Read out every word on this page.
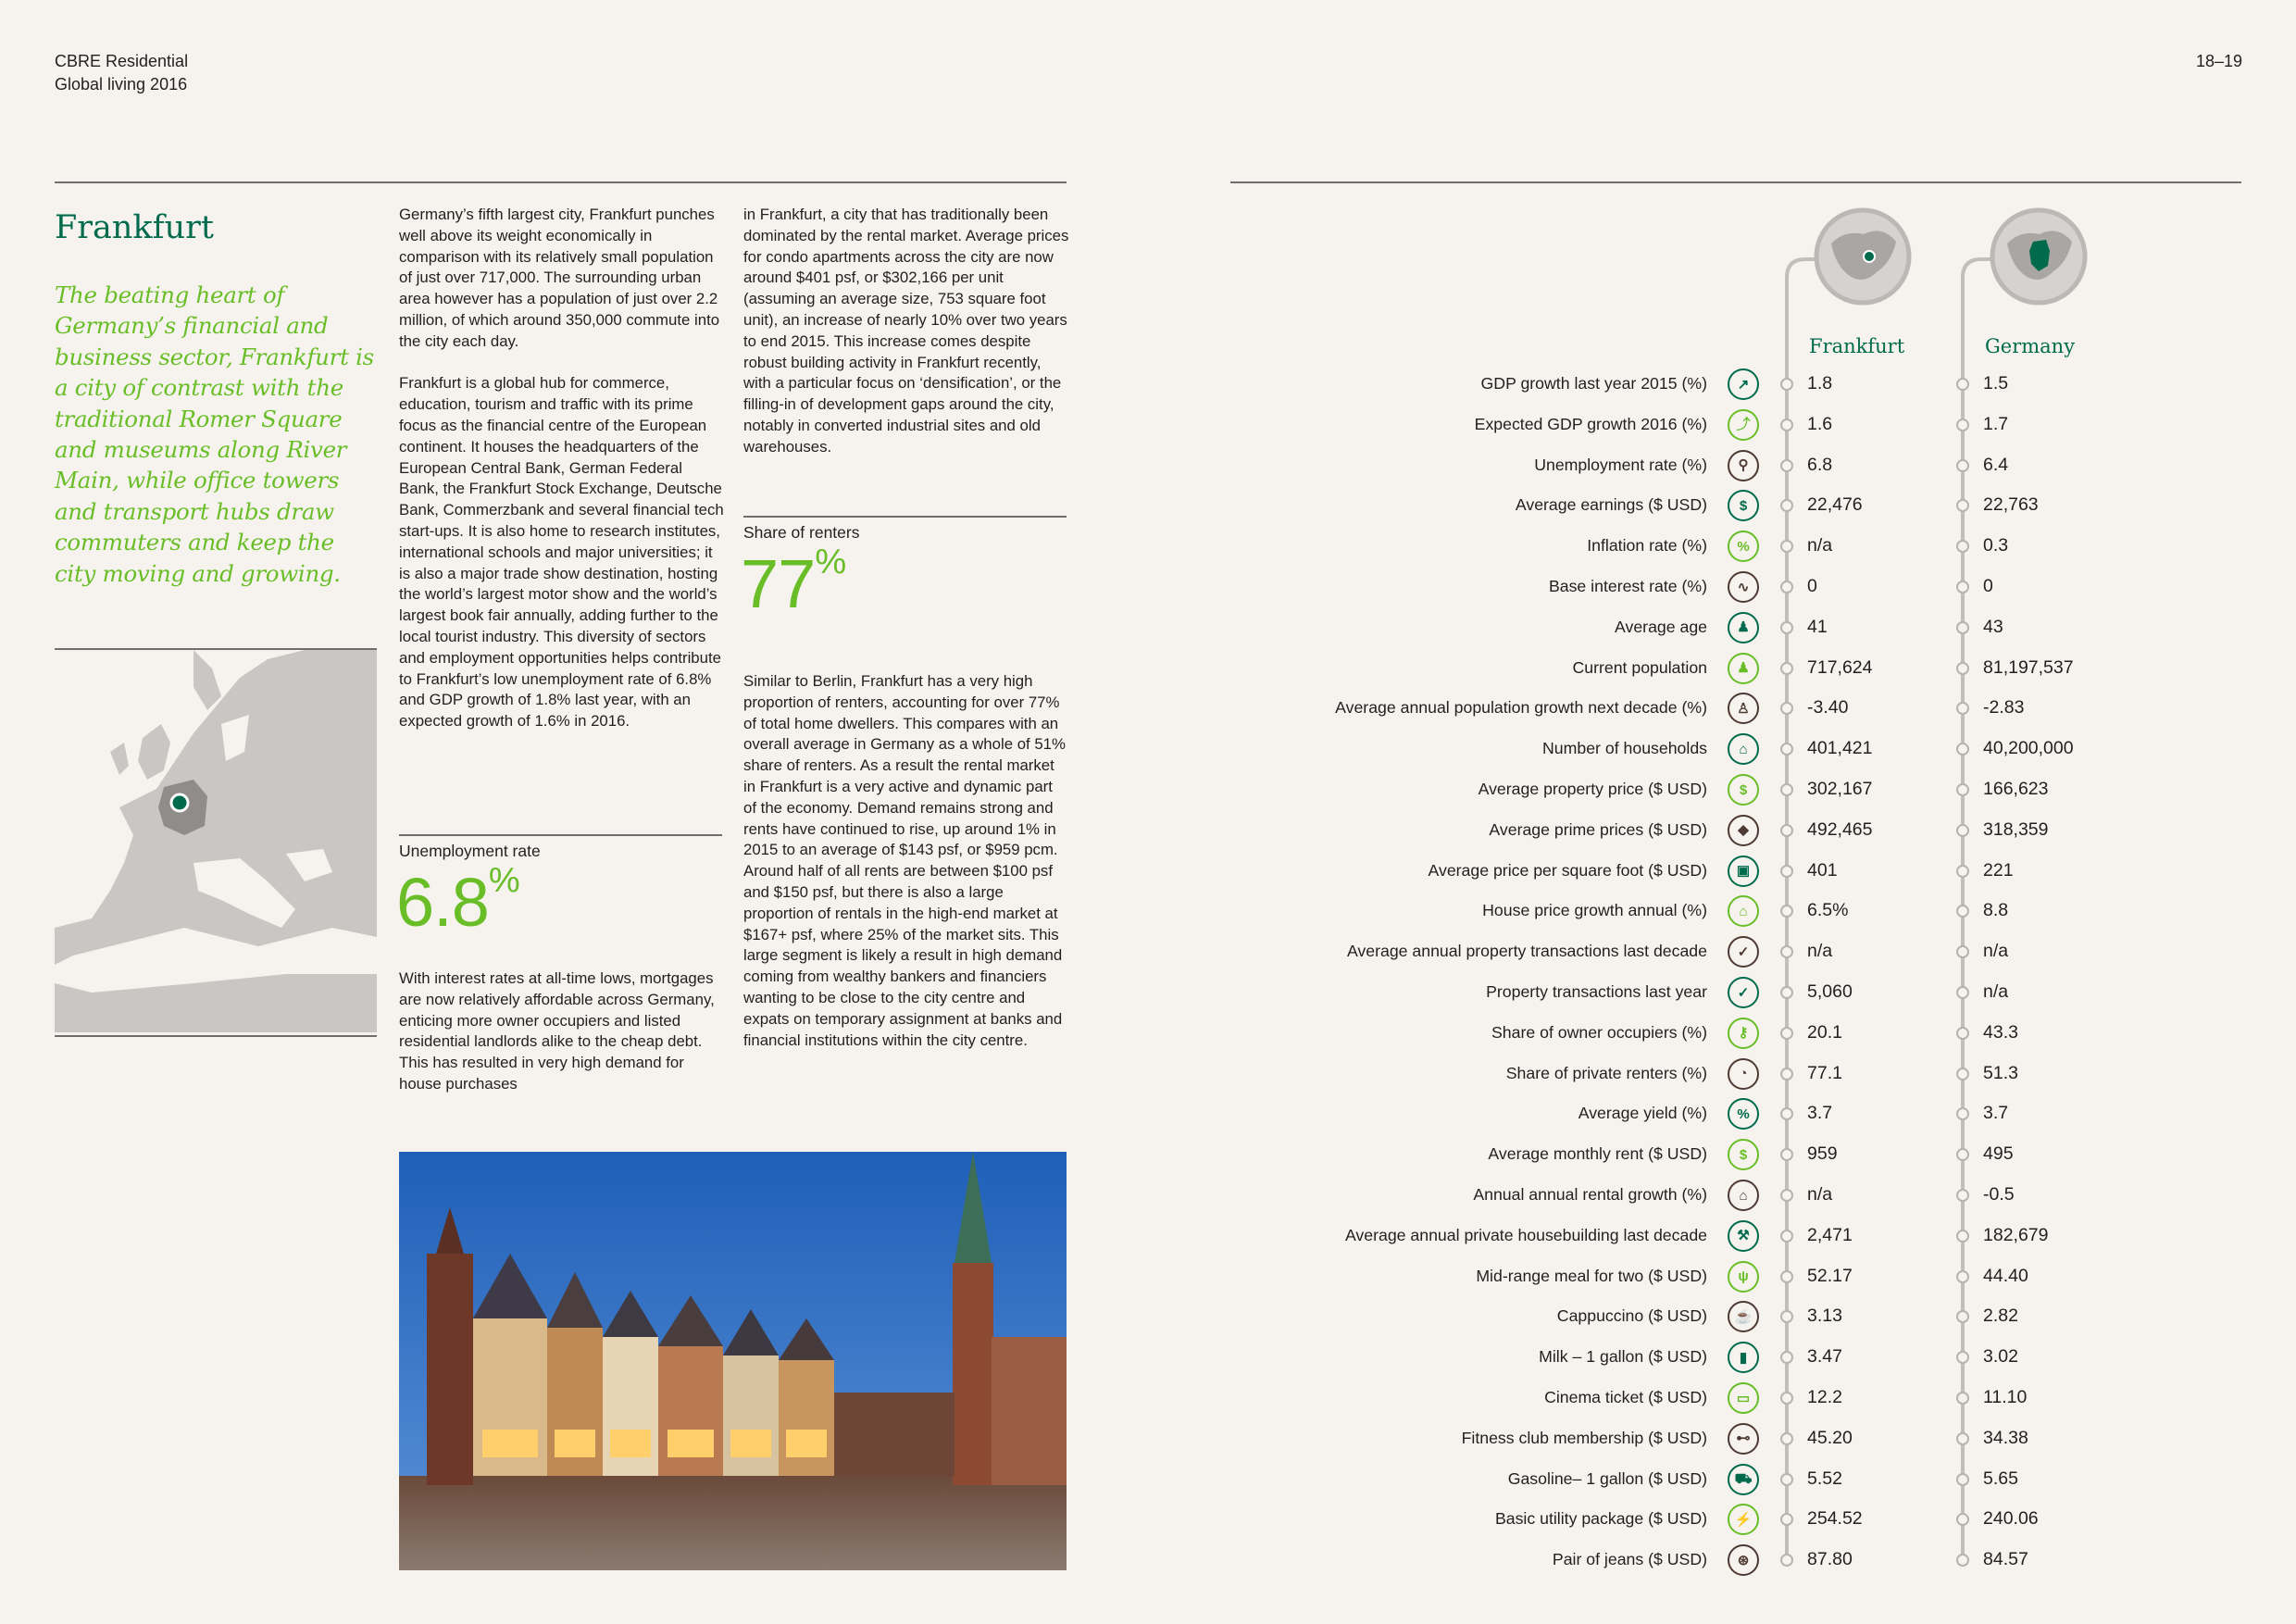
CBRE Residential
Global living 2016
18–19
Frankfurt
The beating heart of Germany’s financial and business sector, Frankfurt is a city of contrast with the traditional Romer Square and museums along River Main, while office towers and transport hubs draw commuters and keep the city moving and growing.

Germany’s fifth largest city, Frankfurt punches well above its weight economically in comparison with its relatively small population of just over 717,000. The surrounding urban area however has a population of just over 2.2 million, of which around 350,000 commute into the city each day.

Frankfurt is a global hub for commerce, education, tourism and traffic with its prime focus as the financial centre of the European continent. It houses the headquarters of the European Central Bank, German Federal Bank, the Frankfurt Stock Exchange, Deutsche Bank, Commerzbank and several financial tech start-ups. It is also home to research institutes, international schools and major universities; it is also a major trade show destination, hosting the world’s largest motor show and the world’s largest book fair annually, adding further to the local tourist industry. This diversity of sectors and employment opportunities helps contribute to Frankfurt’s low unemployment rate of 6.8% and GDP growth of 1.8% last year, with an expected growth of 1.6% in 2016.

Unemployment rate
6.8%

With interest rates at all-time lows, mortgages are now relatively affordable across Germany, enticing more owner occupiers and listed residential landlords alike to the cheap debt. This has resulted in very high demand for house purchases

in Frankfurt, a city that has traditionally been dominated by the rental market. Average prices for condo apartments across the city are now around $401 psf, or $302,166 per unit (assuming an average size, 753 square foot unit), an increase of nearly 10% over two years to end 2015. This increase comes despite robust building activity in Frankfurt recently, with a particular focus on ‘densification’, or the filling-in of development gaps around the city, notably in converted industrial sites and old warehouses.

Share of renters
77%

Similar to Berlin, Frankfurt has a very high proportion of renters, accounting for over 77% of total home dwellers. This compares with an overall average in Germany as a whole of 51% share of renters. As a result the rental market in Frankfurt is a very active and dynamic part of the economy. Demand remains strong and rents have continued to rise, up around 1% in 2015 to an average of $143 psf, or $959 pcm. Around half of all rents are between $100 psf and $150 psf, but there is also a large proportion of rentals in the high-end market at $167+ psf, where 25% of the market sits. This large segment is likely a result in high demand coming from wealthy bankers and financiers wanting to be close to the city centre and expats on temporary assignment at banks and financial institutions within the city centre.

Frankfurt	Germany
GDP growth last year 2015 (%)	↗	1.8	1.5
Expected GDP growth 2016 (%)	⤴	1.6	1.7
Unemployment rate (%)	⚲	6.8	6.4
Average earnings ($ USD)	$	22,476	22,763
Inflation rate (%)	%	n/a	0.3
Base interest rate (%)	∿	0	0
Average age	♟	41	43
Current population	♟	717,624	81,197,537
Average annual population growth next decade (%)	♙	-3.40	-2.83
Number of households	⌂	401,421	40,200,000
Average property price ($ USD)	$	302,167	166,623
Average prime prices ($ USD)	◆	492,465	318,359
Average price per square foot ($ USD)	▣	401	221
House price growth annual (%)	⌂	6.5%	8.8
Average annual property transactions last decade	✓	n/a	n/a
Property transactions last year	✓	5,060	n/a
Share of owner occupiers (%)	⚷	20.1	43.3
Share of private renters (%)	◔	77.1	51.3
Average yield (%)	%	3.7	3.7
Average monthly rent ($ USD)	$	959	495
Annual annual rental growth (%)	⌂	n/a	-0.5
Average annual private housebuilding last decade	⚒	2,471	182,679
Mid-range meal for two ($ USD)	ψ	52.17	44.40
Cappuccino ($ USD)	☕	3.13	2.82
Milk – 1 gallon ($ USD)	▮	3.47	3.02
Cinema ticket ($ USD)	▭	12.2	11.10
Fitness club membership ($ USD)	⊷	45.20	34.38
Gasoline– 1 gallon ($ USD)	⛟	5.52	5.65
Basic utility package ($ USD)	⚡	254.52	240.06
Pair of jeans ($ USD)	⊛	87.80	84.57
